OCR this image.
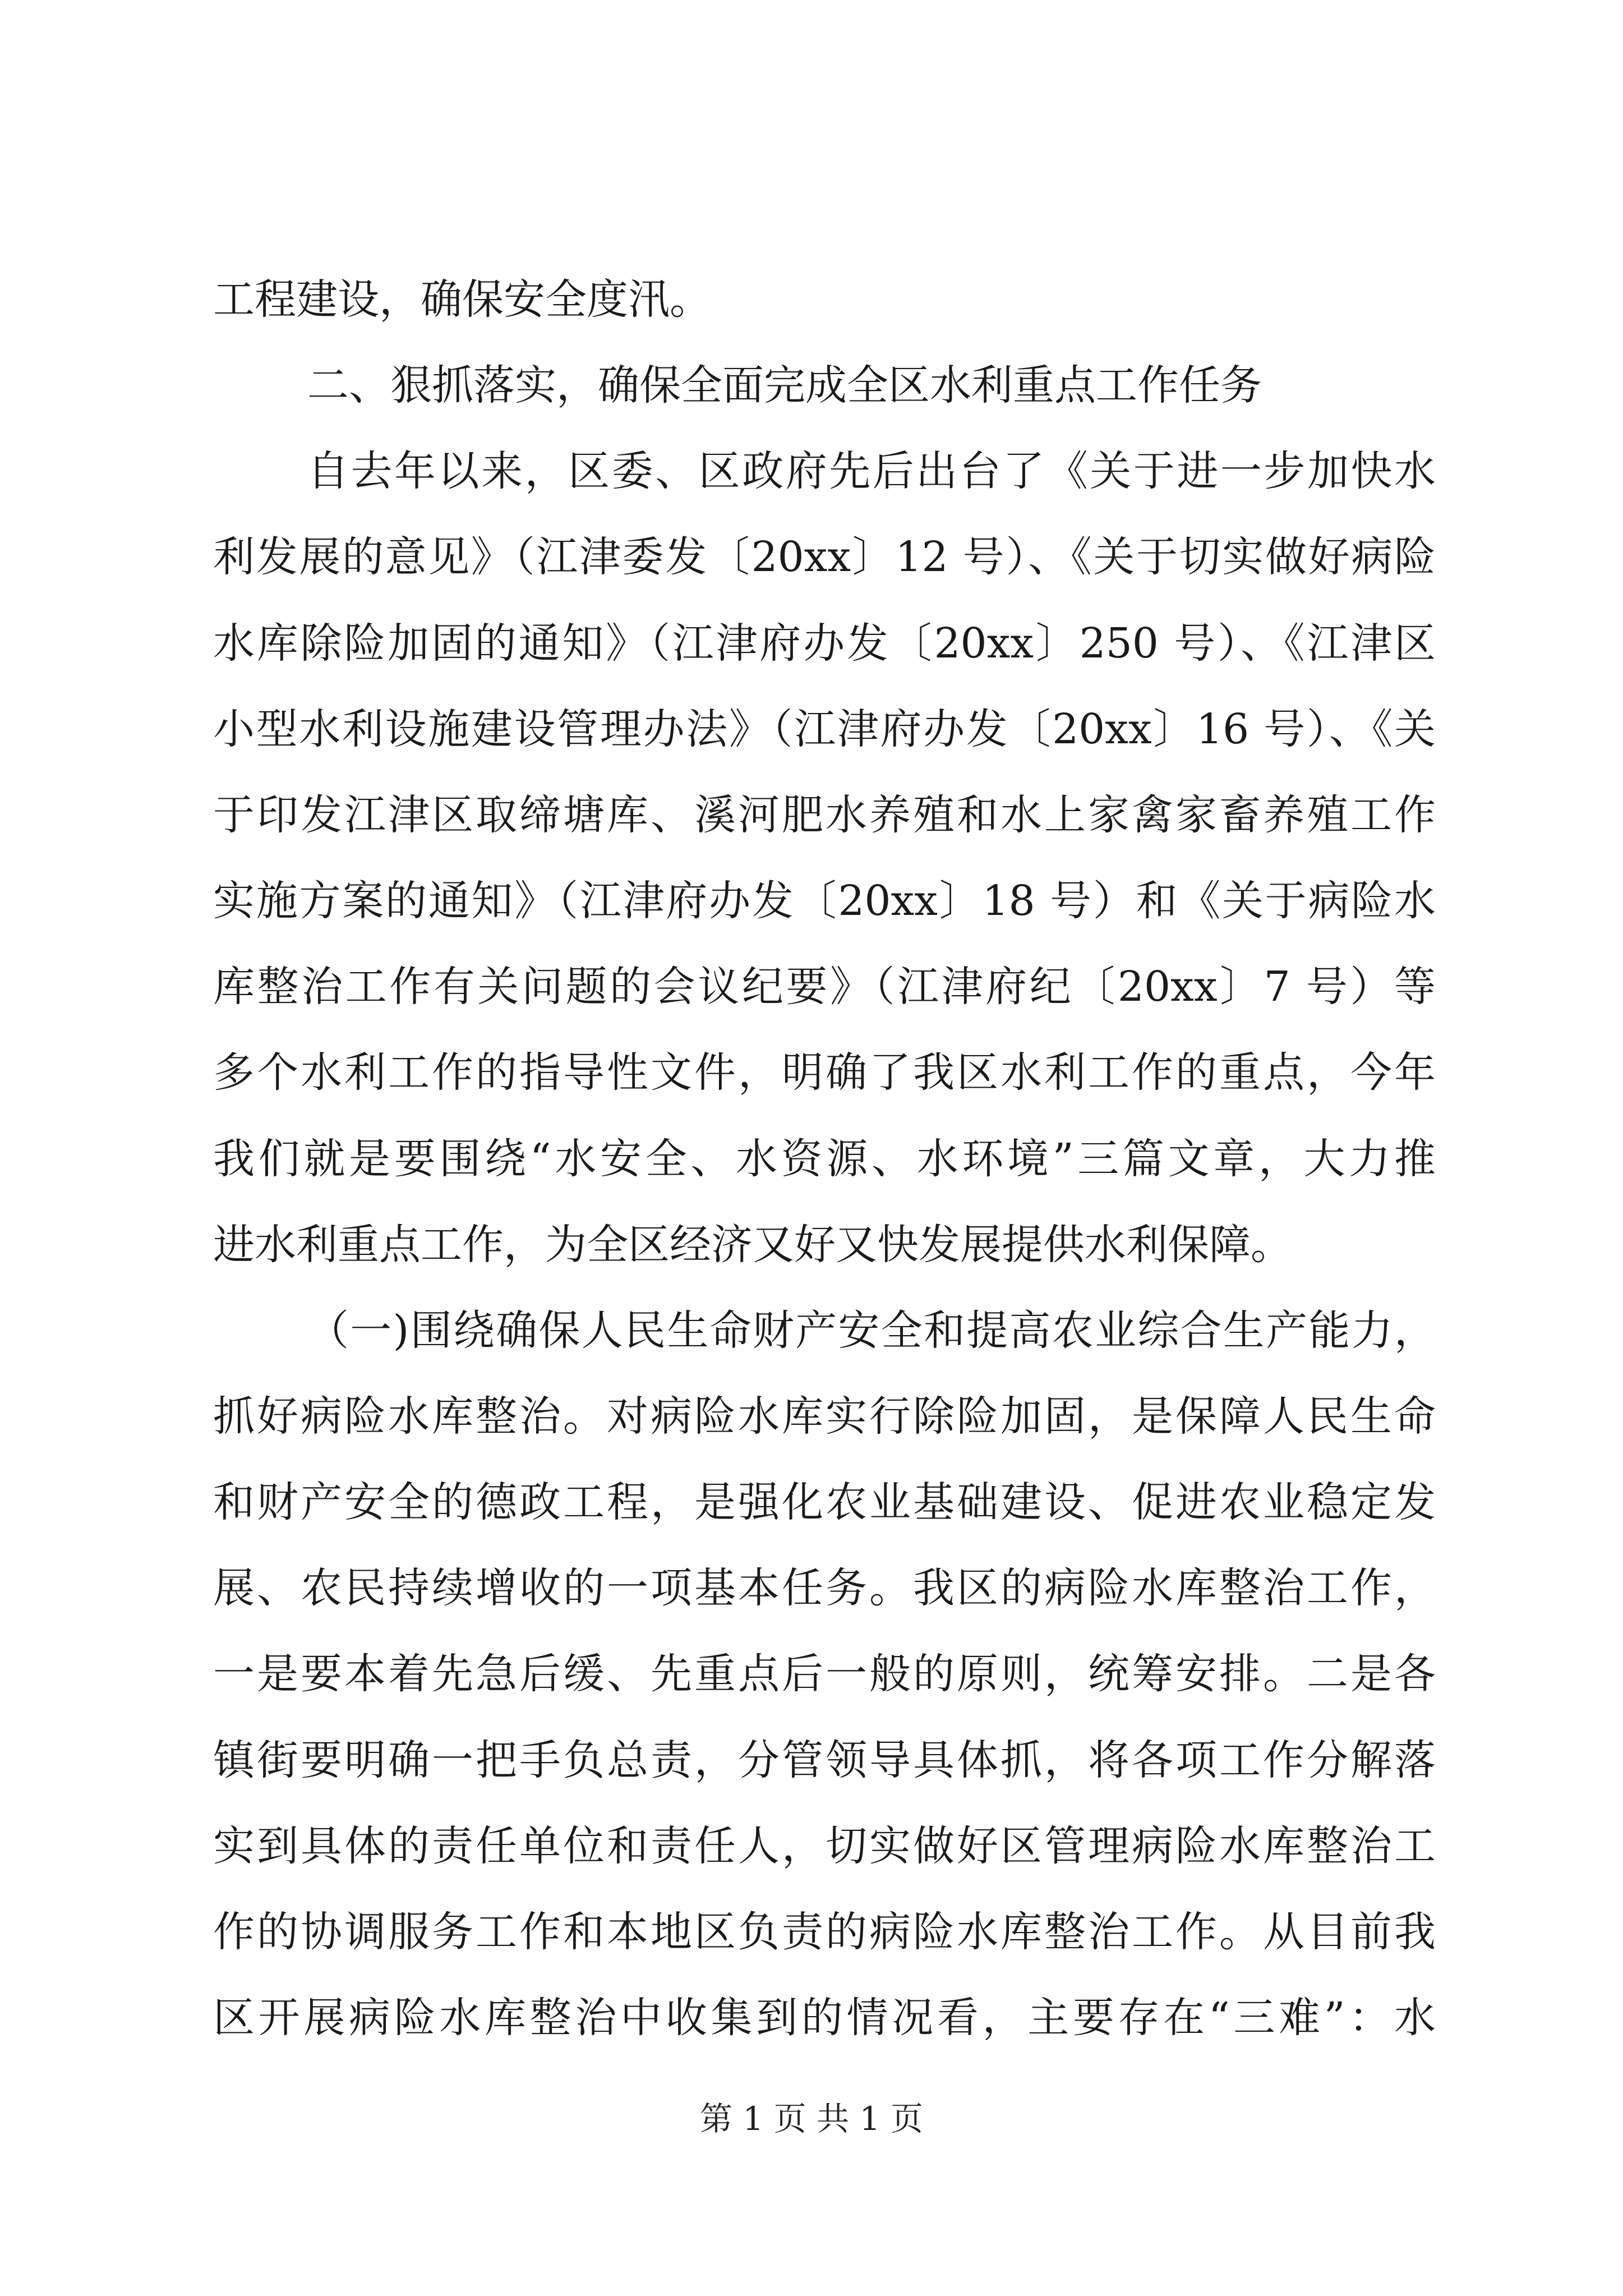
工程建设，确保安全度汛。
二、狠抓落实，确保全面完成全区水利重点工作任务
自去年以来，区委、区政府先后出台了《关于进一步加快水
利发展的意见》（江津委发〔20xx〕12 号）、《关于切实做好病险
水库除险加固的通知》（江津府办发〔20xx〕250 号）、《江津区
小型水利设施建设管理办法》（江津府办发〔20xx〕16 号）、《关
于印发江津区取缔塘库、溪河肥水养殖和水上家禽家畜养殖工作
实施方案的通知》（江津府办发〔20xx〕18 号）和《关于病险水
库整治工作有关问题的会议纪要》（江津府纪〔20xx〕7 号）等
多个水利工作的指导性文件，明确了我区水利工作的重点，今年
我们就是要围绕“水安全、水资源、水环境”三篇文章，大力推
进水利重点工作，为全区经济又好又快发展提供水利保障。
（一)围绕确保人民生命财产安全和提高农业综合生产能力，
抓好病险水库整治。对病险水库实行除险加固，是保障人民生命
和财产安全的德政工程，是强化农业基础建设、促进农业稳定发
展、农民持续增收的一项基本任务。我区的病险水库整治工作，
一是要本着先急后缓、先重点后一般的原则，统筹安排。二是各
镇街要明确一把手负总责，分管领导具体抓，将各项工作分解落
实到具体的责任单位和责任人，切实做好区管理病险水库整治工
作的协调服务工作和本地区负责的病险水库整治工作。从目前我
区开展病险水库整治中收集到的情况看，主要存在“三难”：水
第 1 页 共 1 页
